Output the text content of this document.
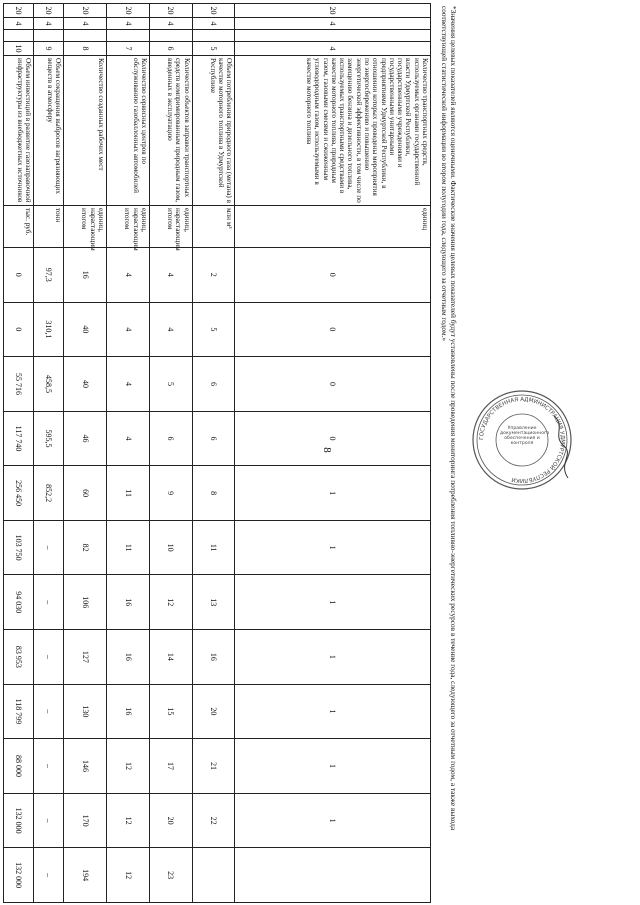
8
20	4		4	Количество транспортных средств, используемых органами государственной власти Удмуртской Республики, государственными учреждениями и государственными унитарными предприятиями Удмуртской Республики, в отношении которых проведены мероприятия по энергосбережению и повышению энергетической эффективности, в том числе по замещению бензина и дизельного топлива, используемых транспортными средствами в качестве моторного топлива, природным газом, газовыми смесями и сжиженным углеводородным газом, используемыми в качестве моторного топлива	единиц	0	0	0	0	1	1	1	1	1	1	1	
20	4		5	Объем потребления природного газа (метана) в качестве моторного топлива в Удмуртской Республике	млн м³	2	5	6	6	8	11	13	16	20	21	22	
20	4		6	Количество объектов заправки транспортных средств компримированным природным газом, введенных в эксплуатацию	единиц, нарастающим итогом	4	4	5	6	9	10	12	14	15	17	20	23
20	4		7	Количество сервисных центров по обслуживанию газобаллонных автомобилей	единиц, нарастающим итогом	4	4	4	4	11	11	16	16	16	12	12	12
20	4		8	Количество созданных рабочих мест	единиц, нарастающим итогом	16	40	40	46	60	82	106	127	130	146	170	194
20	4		9	Объем сокращения выбросов загрязняющих веществ в атмосферу	тонн	97,3	310,1	458,5	595,5	852,2	–	–	–	–	–	–	–
20	4		10	Объем инвестиций в развитие газозаправочной инфраструктуры из внебюджетных источников	тыс. руб.	0	0	55 716	117 740	256 450	103 750	94 030	83 953	118 799	88 000	132 000	132 000
*Значения целевых показателей являются оценочными. Фактические значения целевых показателей будут установлены после проведения мониторинга потребления топливно-энергетических ресурсов в течение года, следующего за отчетным годом, а также выхода соответствующей статистической информации во втором полугодии года, следующего за отчетным годом.»
ГОСУДАРСТВЕННАЯ АДМИНИСТРАЦИЯ УДМУРТСКОЙ РЕСПУБЛИКИ
Управление документационного обеспечения и контроля
